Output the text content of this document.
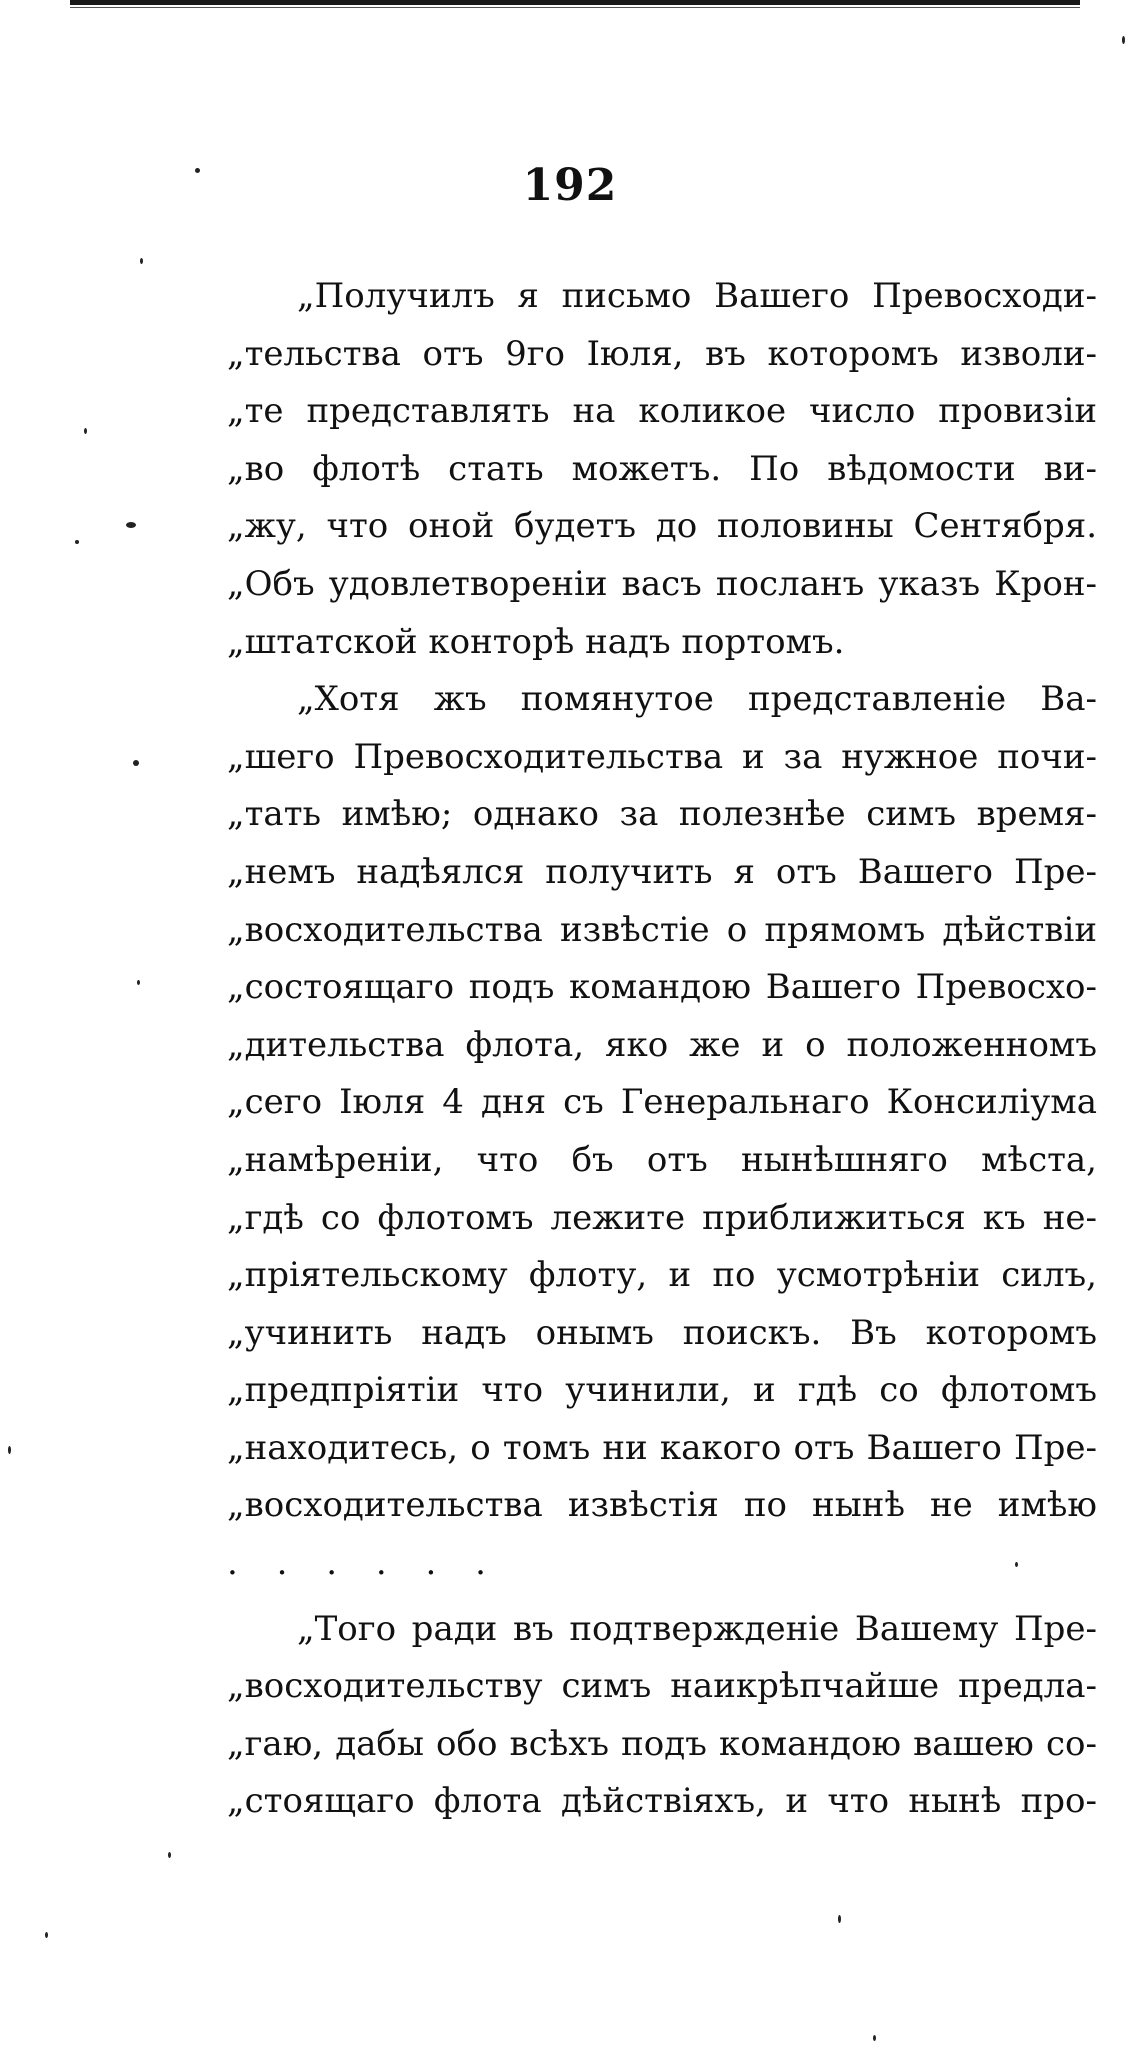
192
„Получилъ я письмо Вашего Превосходи-
„тельства отъ 9го Іюля, въ которомъ изволи-
„те представлять на коликое число провизіи
„во флотѣ стать можетъ. По вѣдомости ви-
„жу, что оной будетъ до половины Сентября.
„Объ удовлетвореніи васъ посланъ указъ Крон-
„штатской конторѣ надъ портомъ.
„Хотя жъ помянутое представленіе Ва-
„шего Превосходительства и за нужное почи-
„тать имѣю; однако за полезнѣе симъ время-
„немъ надѣялся получить я отъ Вашего Пре-
„восходительства извѣстіе о прямомъ дѣйствіи
„состоящаго подъ командою Вашего Превосхо-
„дительства флота, яко же и о положенномъ
„сего Іюля 4 дня съ Генеральнаго Консиліума
„намѣреніи, что бъ отъ нынѣшняго мѣста,
„гдѣ со флотомъ лежите приближиться къ не-
„пріятельскому флоту, и по усмотрѣніи силъ,
„учинить надъ онымъ поискъ. Въ которомъ
„предпріятіи что учинили, и гдѣ со флотомъ
„находитесь, о томъ ни какого отъ Вашего Пре-
„восходительства извѣстія по нынѣ не имѣю
. . . . . .
„Того ради въ подтвержденіе Вашему Пре-
„восходительству симъ наикрѣпчайше предла-
„гаю, дабы обо всѣхъ подъ командою вашею со-
„стоящаго флота дѣйствіяхъ, и что нынѣ про-
